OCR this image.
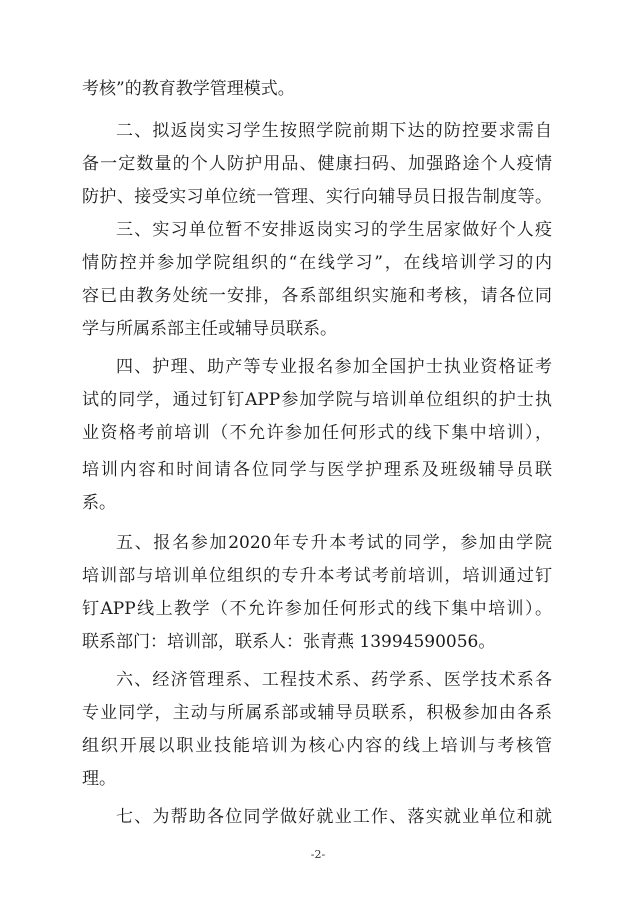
考核”的教育教学管理模式。
二、拟返岗实习学生按照学院前期下达的防控要求需自
备一定数量的个人防护用品、健康扫码、加强路途个人疫情
防护、接受实习单位统一管理、实行向辅导员日报告制度等。
三、实习单位暂不安排返岗实习的学生居家做好个人疫
情防控并参加学院组织的“在线学习”，在线培训学习的内
容已由教务处统一安排，各系部组织实施和考核，请各位同
学与所属系部主任或辅导员联系。
四、护理、助产等专业报名参加全国护士执业资格证考
试的同学，通过钉钉APP参加学院与培训单位组织的护士执
业资格考前培训（不允许参加任何形式的线下集中培训），
培训内容和时间请各位同学与医学护理系及班级辅导员联
系。
五、报名参加2020年专升本考试的同学，参加由学院
培训部与培训单位组织的专升本考试考前培训，培训通过钉
钉APP线上教学（不允许参加任何形式的线下集中培训）。
联系部门：培训部，联系人：张青燕 13994590056。
六、经济管理系、工程技术系、药学系、医学技术系各
专业同学，主动与所属系部或辅导员联系，积极参加由各系
组织开展以职业技能培训为核心内容的线上培训与考核管
理。
七、为帮助各位同学做好就业工作、落实就业单位和就
-2-
